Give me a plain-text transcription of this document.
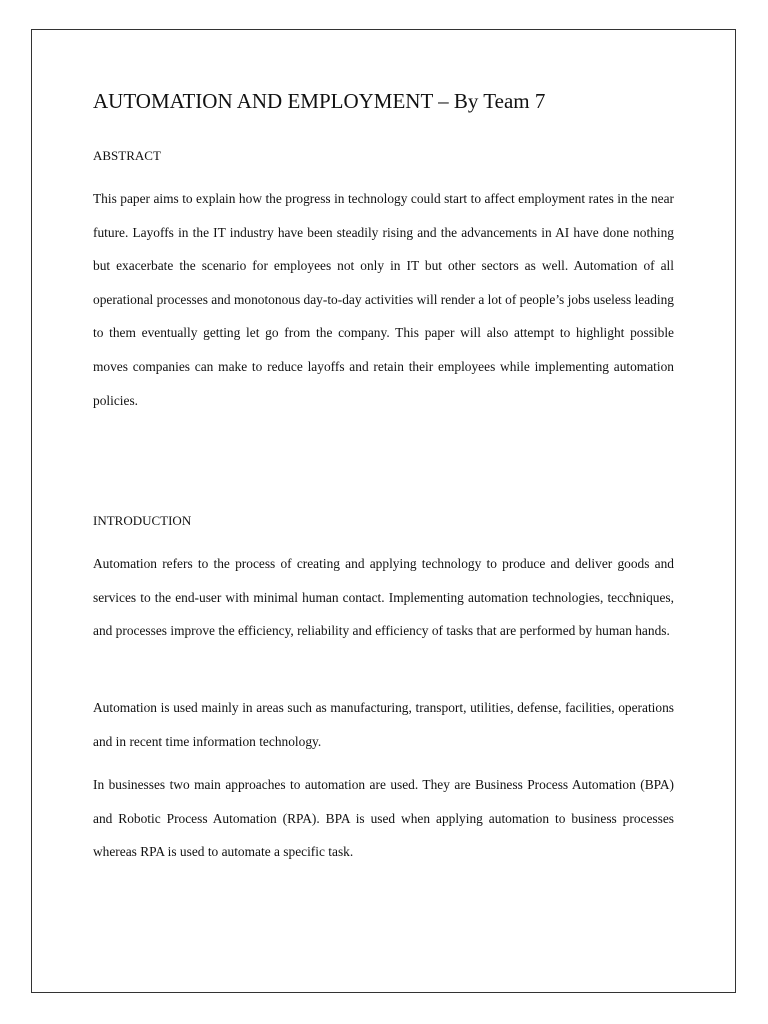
AUTOMATION AND EMPLOYMENT – By Team 7
ABSTRACT

This paper aims to explain how the progress in technology could start to affect employment rates in the near future. Layoffs in the IT industry have been steadily rising and the advancements in AI have done nothing but exacerbate the scenario for employees not only in IT but other sectors as well. Automation of all operational processes and monotonous day-to-day activities will render a lot of people’s jobs useless leading to them eventually getting let go from the company. This paper will also attempt to highlight possible moves companies can make to reduce layoffs and retain their employees while implementing automation policies.

INTRODUCTION

Automation refers to the process of creating and applying technology to produce and deliver goods and services to the end-user with minimal human contact. Implementing automation technologies, teccħniques, and processes improve the efficiency, reliability and efficiency of tasks that are performed by human hands.

Automation is used mainly in areas such as manufacturing, transport, utilities, defense, facilities, operations and in recent time information technology.

In businesses two main approaches to automation are used. They are Business Process Automation (BPA) and Robotic Process Automation (RPA). BPA is used when applying automation to business processes whereas RPA is used to automate a specific task.
